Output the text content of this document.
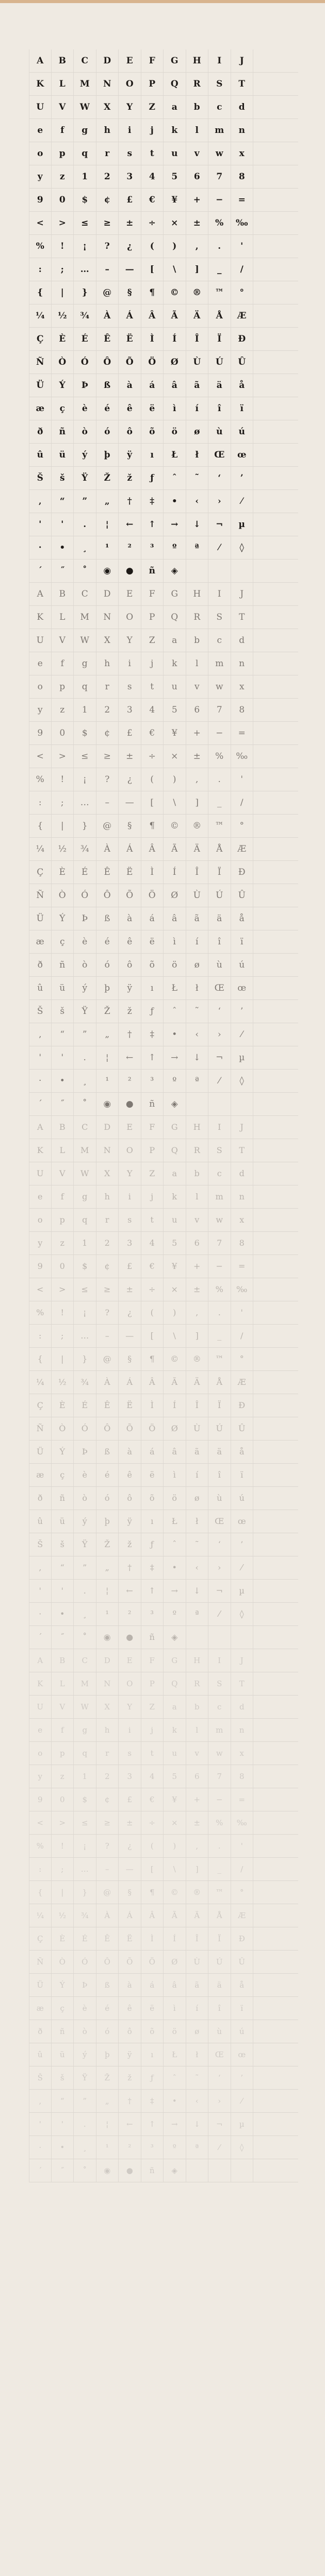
A	B	C	D	E	F	G	H	I	J
K	L	M	N	O	P	Q	R	S	T
U	V	W	X	Y	Z	a	b	c	d
e	f	g	h	i	j	k	l	m	n
o	p	q	r	s	t	u	v	w	x
y	z	1	2	3	4	5	6	7	8
9	0	$	¢	£	€	¥	+	−	=
<	>	≤	≥	±	÷	×	±	%	‰
%	!	¡	?	¿	(	)	,	.	'
:	;	…	–	—	[	\	]	_	/
{	|	}	@	§	¶	©	®	™	°
¼	½	¾	À	Á	Â	Ã	Ä	Å	Æ
Ç	È	É	Ê	Ë	Ì	Í	Î	Ï	Ð
Ñ	Ò	Ó	Ô	Õ	Ö	Ø	Ù	Ú	Û
Ü	Ý	Þ	ß	à	á	â	ã	ä	å
æ	ç	è	é	ê	ë	ì	í	î	ï
ð	ñ	ò	ó	ô	õ	ö	ø	ù	ú
û	ü	ý	þ	ÿ	ı	Ł	ł	Œ	œ
Š	š	Ÿ	Ž	ž	ƒ	ˆ	˜	‘	’
‚	“	”	„	†	‡	•	‹	›	⁄
'	'	.	¦	←	↑	→	↓	¬	µ
·	•	¸	¹	²	³	º	ª	⁄	◊
´	˝	˚	◉	●	ñ	◈
A	B	C	D	E	F	G	H	I	J
K	L	M	N	O	P	Q	R	S	T
U	V	W	X	Y	Z	a	b	c	d
e	f	g	h	i	j	k	l	m	n
o	p	q	r	s	t	u	v	w	x
y	z	1	2	3	4	5	6	7	8
9	0	$	¢	£	€	¥	+	−	=
<	>	≤	≥	±	÷	×	±	%	‰
%	!	¡	?	¿	(	)	,	.	'
:	;	…	–	—	[	\	]	_	/
{	|	}	@	§	¶	©	®	™	°
¼	½	¾	À	Á	Â	Ã	Ä	Å	Æ
Ç	È	É	Ê	Ë	Ì	Í	Î	Ï	Ð
Ñ	Ò	Ó	Ô	Õ	Ö	Ø	Ù	Ú	Û
Ü	Ý	Þ	ß	à	á	â	ã	ä	å
æ	ç	è	é	ê	ë	ì	í	î	ï
ð	ñ	ò	ó	ô	õ	ö	ø	ù	ú
û	ü	ý	þ	ÿ	ı	Ł	ł	Œ	œ
Š	š	Ÿ	Ž	ž	ƒ	ˆ	˜	‘	’
‚	“	”	„	†	‡	•	‹	›	⁄
'	'	.	¦	←	↑	→	↓	¬	µ
·	•	¸	¹	²	³	º	ª	⁄	◊
´	˝	˚	◉	●	ñ	◈
A	B	C	D	E	F	G	H	I	J
K	L	M	N	O	P	Q	R	S	T
U	V	W	X	Y	Z	a	b	c	d
e	f	g	h	i	j	k	l	m	n
o	p	q	r	s	t	u	v	w	x
y	z	1	2	3	4	5	6	7	8
9	0	$	¢	£	€	¥	+	−	=
<	>	≤	≥	±	÷	×	±	%	‰
%	!	¡	?	¿	(	)	,	.	'
:	;	…	–	—	[	\	]	_	/
{	|	}	@	§	¶	©	®	™	°
¼	½	¾	À	Á	Â	Ã	Ä	Å	Æ
Ç	È	É	Ê	Ë	Ì	Í	Î	Ï	Ð
Ñ	Ò	Ó	Ô	Õ	Ö	Ø	Ù	Ú	Û
Ü	Ý	Þ	ß	à	á	â	ã	ä	å
æ	ç	è	é	ê	ë	ì	í	î	ï
ð	ñ	ò	ó	ô	õ	ö	ø	ù	ú
û	ü	ý	þ	ÿ	ı	Ł	ł	Œ	œ
Š	š	Ÿ	Ž	ž	ƒ	ˆ	˜	‘	’
‚	“	”	„	†	‡	•	‹	›	⁄
'	'	.	¦	←	↑	→	↓	¬	µ
·	•	¸	¹	²	³	º	ª	⁄	◊
´	˝	˚	◉	●	ñ	◈
A	B	C	D	E	F	G	H	I	J
K	L	M	N	O	P	Q	R	S	T
U	V	W	X	Y	Z	a	b	c	d
e	f	g	h	i	j	k	l	m	n
o	p	q	r	s	t	u	v	w	x
y	z	1	2	3	4	5	6	7	8
9	0	$	¢	£	€	¥	+	−	=
<	>	≤	≥	±	÷	×	±	%	‰
%	!	¡	?	¿	(	)	,	.	'
:	;	…	–	—	[	\	]	_	/
{	|	}	@	§	¶	©	®	™	°
¼	½	¾	À	Á	Â	Ã	Ä	Å	Æ
Ç	È	É	Ê	Ë	Ì	Í	Î	Ï	Ð
Ñ	Ò	Ó	Ô	Õ	Ö	Ø	Ù	Ú	Û
Ü	Ý	Þ	ß	à	á	â	ã	ä	å
æ	ç	è	é	ê	ë	ì	í	î	ï
ð	ñ	ò	ó	ô	õ	ö	ø	ù	ú
û	ü	ý	þ	ÿ	ı	Ł	ł	Œ	œ
Š	š	Ÿ	Ž	ž	ƒ	ˆ	˜	‘	’
‚	“	”	„	†	‡	•	‹	›	⁄
'	'	.	¦	←	↑	→	↓	¬	µ
·	•	¸	¹	²	³	º	ª	⁄	◊
´	˝	˚	◉	●	ñ	◈
